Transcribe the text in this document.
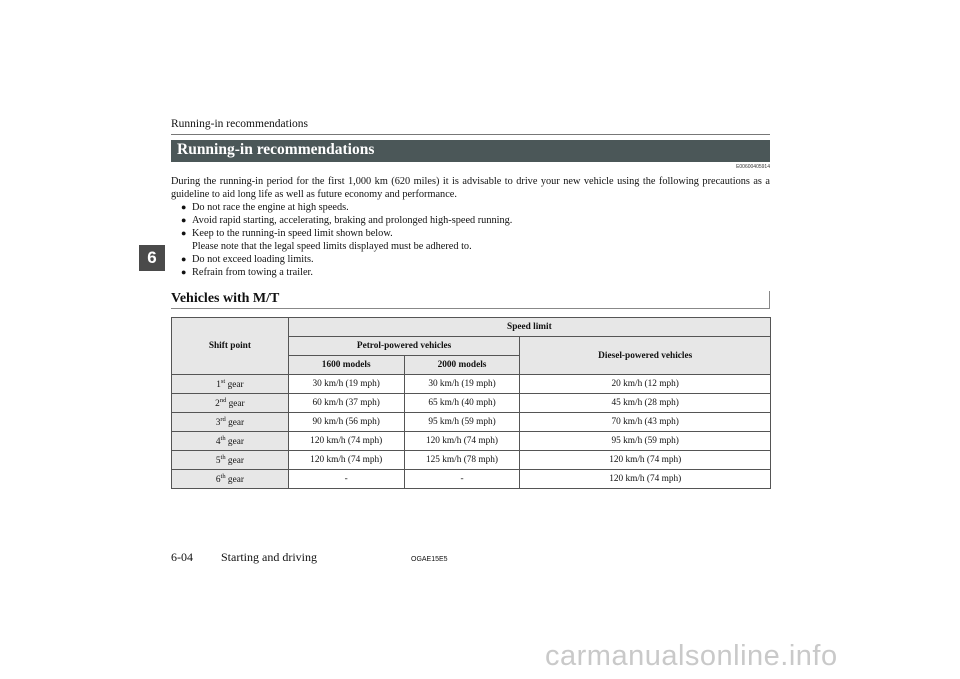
Running-in recommendations
6
Running-in recommendations
E00600405914
During the running-in period for the first 1,000 km (620 miles) it is advisable to drive your new vehicle using the following precautions as a guideline to aid long life as well as future economy and performance.
● Do not race the engine at high speeds.
● Avoid rapid starting, accelerating, braking and prolonged high-speed running.
● Keep to the running-in speed limit shown below.
Please note that the legal speed limits displayed must be adhered to.
● Do not exceed loading limits.
● Refrain from towing a trailer.
Vehicles with M/T
Shift point	Speed limit		
	Petrol-powered vehicles		Diesel-powered vehicles
	1600 models	2000 models	
1st gear	30 km/h (19 mph)	30 km/h (19 mph)	20 km/h (12 mph)
2nd gear	60 km/h (37 mph)	65 km/h (40 mph)	45 km/h (28 mph)
3rd gear	90 km/h (56 mph)	95 km/h (59 mph)	70 km/h (43 mph)
4th gear	120 km/h (74 mph)	120 km/h (74 mph)	95 km/h (59 mph)
5th gear	120 km/h (74 mph)	125 km/h (78 mph)	120 km/h (74 mph)
6th gear	-	-	120 km/h (74 mph)
6-04 Starting and driving	OGAE15E5
carmanualsonline.info
